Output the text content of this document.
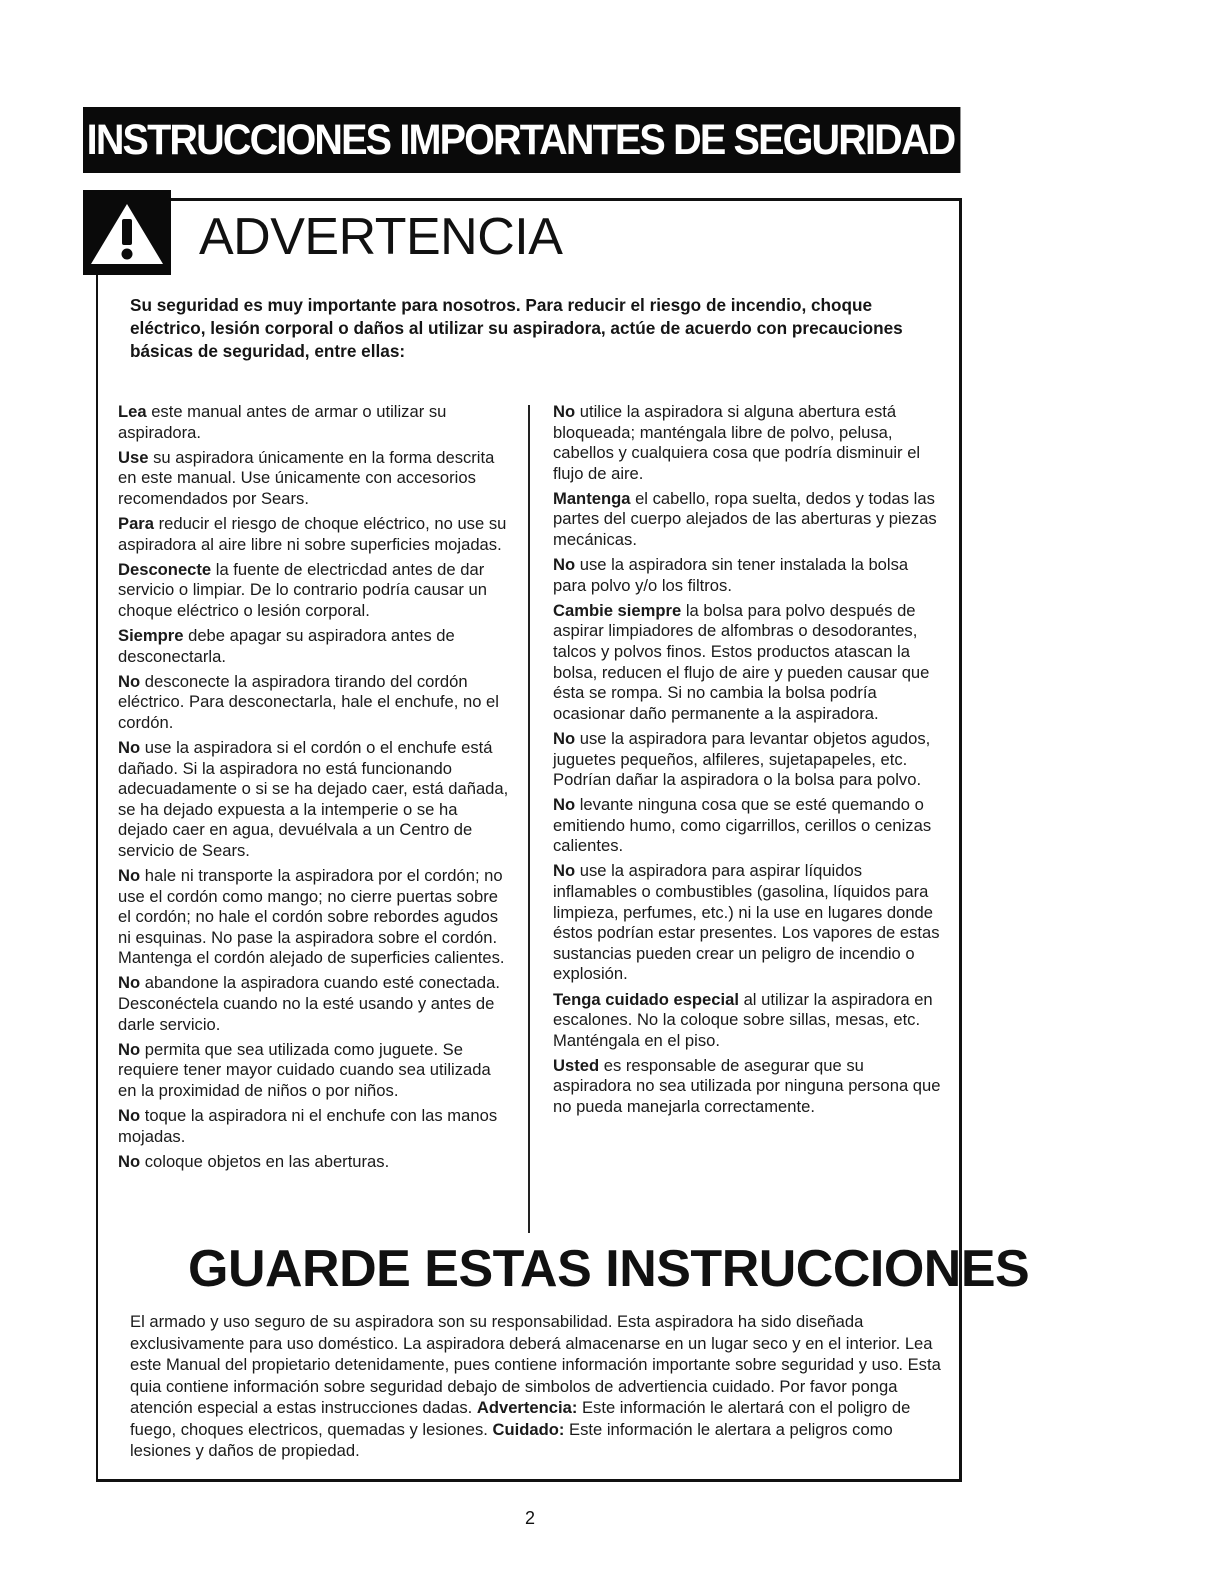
INSTRUCCIONES IMPORTANTES DE SEGURIDAD
ADVERTENCIA
Su seguridad es muy importante para nosotros. Para reducir el riesgo de incendio, choque eléctrico, lesión corporal o daños al utilizar su aspiradora, actúe de acuerdo con precauciones básicas de seguridad, entre ellas:

Lea este manual antes de armar o utilizar su aspiradora.

Use su aspiradora únicamente en la forma descrita en este manual. Use únicamente con accesorios recomendados por Sears.

Para reducir el riesgo de choque eléctrico, no use su aspiradora al aire libre ni sobre superficies mojadas.

Desconecte la fuente de electricdad antes de dar servicio o limpiar. De lo contrario podría causar un choque eléctrico o lesión corporal.

Siempre debe apagar su aspiradora antes de desconectarla.

No desconecte la aspiradora tirando del cordón eléctrico. Para desconectarla, hale el enchufe, no el cordón.

No use la aspiradora si el cordón o el enchufe está dañado. Si la aspiradora no está funcionando adecuadamente o si se ha dejado caer, está dañada, se ha dejado expuesta a la intemperie o se ha dejado caer en agua, devuélvala a un Centro de servicio de Sears.

No hale ni transporte la aspiradora por el cordón; no use el cordón como mango; no cierre puertas sobre el cordón; no hale el cordón sobre rebordes agudos ni esquinas. No pase la aspiradora sobre el cordón. Mantenga el cordón alejado de superficies calientes.

No abandone la aspiradora cuando esté conectada. Desconéctela cuando no la esté usando y antes de darle servicio.

No permita que sea utilizada como juguete. Se requiere tener mayor cuidado cuando sea utilizada en la proximidad de niños o por niños.

No toque la aspiradora ni el enchufe con las manos mojadas.

No coloque objetos en las aberturas.

No utilice la aspiradora si alguna abertura está bloqueada; manténgala libre de polvo, pelusa, cabellos y cualquiera cosa que podría disminuir el flujo de aire.

Mantenga el cabello, ropa suelta, dedos y todas las partes del cuerpo alejados de las aberturas y piezas mecánicas.

No use la aspiradora sin tener instalada la bolsa para polvo y/o los filtros.

Cambie siempre la bolsa para polvo después de aspirar limpiadores de alfombras o desodorantes, talcos y polvos finos. Estos productos atascan la bolsa, reducen el flujo de aire y pueden causar que ésta se rompa. Si no cambia la bolsa podría ocasionar daño permanente a la aspiradora.

No use la aspiradora para levantar objetos agudos, juguetes pequeños, alfileres, sujetapapeles, etc. Podrían dañar la aspiradora o la bolsa para polvo.

No levante ninguna cosa que se esté quemando o emitiendo humo, como cigarrillos, cerillos o cenizas calientes.

No use la aspiradora para aspirar líquidos inflamables o combustibles (gasolina, líquidos para limpieza, perfumes, etc.) ni la use en lugares donde éstos podrían estar presentes. Los vapores de estas sustancias pueden crear un peligro de incendio o explosión.

Tenga cuidado especial al utilizar la aspiradora en escalones. No la coloque sobre sillas, mesas, etc. Manténgala en el piso.

Usted es responsable de asegurar que su aspiradora no sea utilizada por ninguna persona que no pueda manejarla correctamente.

GUARDE ESTAS INSTRUCCIONES
El armado y uso seguro de su aspiradora son su responsabilidad. Esta aspiradora ha sido diseñada exclusivamente para uso doméstico. La aspiradora deberá almacenarse en un lugar seco y en el interior. Lea este Manual del propietario detenidamente, pues contiene información importante sobre seguridad y uso. Esta quia contiene información sobre seguridad debajo de simbolos de advertiencia cuidado. Por favor ponga atención especial a estas instrucciones dadas. Advertencia: Este información le alertará con el poligro de fuego, choques electricos, quemadas y lesiones. Cuidado: Este información le alertara a peligros como lesiones y daños de propiedad.
2
